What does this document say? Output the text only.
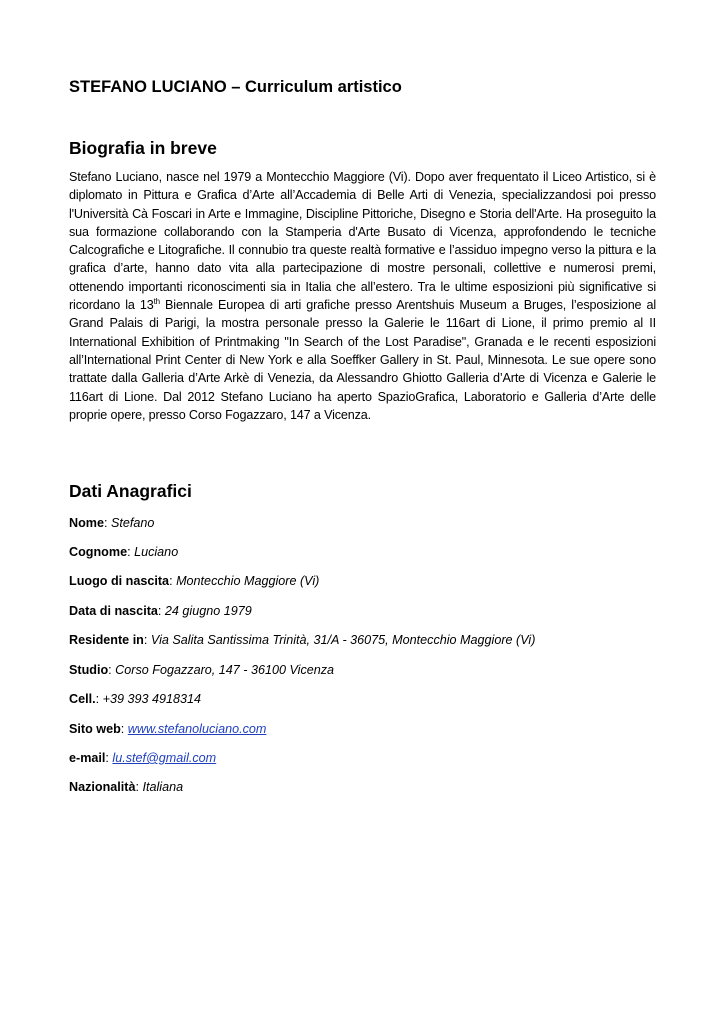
STEFANO LUCIANO – Curriculum artistico
Biografia in breve

Stefano Luciano, nasce nel 1979 a Montecchio Maggiore (Vi). Dopo aver frequentato il Liceo Artistico, si è diplomato in Pittura e Grafica d’Arte all’Accademia di Belle Arti di Venezia, specializzandosi poi presso l'Università Cà Foscari in Arte e Immagine, Discipline Pittoriche, Disegno e Storia dell'Arte. Ha proseguito la sua formazione collaborando con la Stamperia d'Arte Busato di Vicenza, approfondendo le tecniche Calcografiche e Litografiche. Il connubio tra queste realtà formative e l’assiduo impegno verso la pittura e la grafica d’arte, hanno dato vita alla partecipazione di mostre personali, collettive e numerosi premi, ottenendo importanti riconoscimenti sia in Italia che all’estero. Tra le ultime esposizioni più significative si ricordano la 13th Biennale Europea di arti grafiche presso Arentshuis Museum a Bruges, l’esposizione al Grand Palais di Parigi, la mostra personale presso la Galerie le 116art di Lione, il primo premio al II International Exhibition of Printmaking "In Search of the Lost Paradise", Granada e le recenti esposizioni all’International Print Center di New York e alla Soeffker Gallery in St. Paul, Minnesota. Le sue opere sono trattate dalla Galleria d’Arte Arkè di Venezia, da Alessandro Ghiotto Galleria d’Arte di Vicenza e Galerie le 116art di Lione. Dal 2012 Stefano Luciano ha aperto SpazioGrafica, Laboratorio e Galleria d’Arte delle proprie opere, presso Corso Fogazzaro, 147 a Vicenza.

Dati Anagrafici

Nome: Stefano

Cognome: Luciano

Luogo di nascita: Montecchio Maggiore (Vi)

Data di nascita: 24 giugno 1979

Residente in: Via Salita Santissima Trinità, 31/A - 36075, Montecchio Maggiore (Vi)

Studio: Corso Fogazzaro, 147 - 36100 Vicenza

Cell.: +39 393 4918314

Sito web: www.stefanoluciano.com

e-mail: lu.stef@gmail.com

Nazionalità: Italiana
